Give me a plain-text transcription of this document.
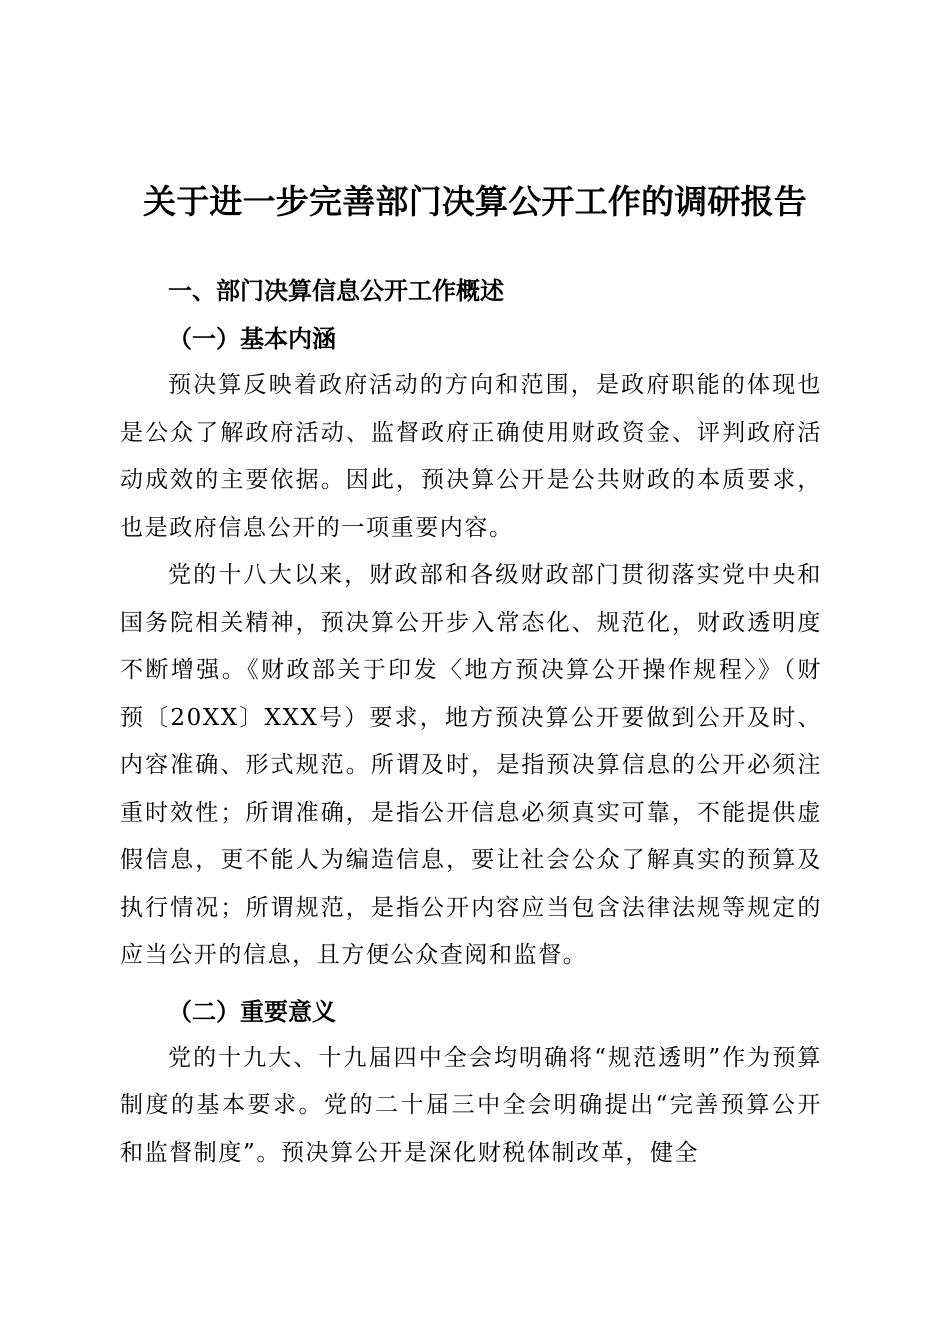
关于进一步完善部门决算公开工作的调研报告
一、部门决算信息公开工作概述
（一）基本内涵

预决算反映着政府活动的方向和范围，是政府职能的体现也是公众了解政府活动、监督政府正确使用财政资金、评判政府活动成效的主要依据。因此，预决算公开是公共财政的本质要求，也是政府信息公开的一项重要内容。

党的十八大以来，财政部和各级财政部门贯彻落实党中央和国务院相关精神，预决算公开步入常态化、规范化，财政透明度不断增强。《财政部关于印发〈地方预决算公开操作规程〉》（财预〔20XX〕XXX号）要求，地方预决算公开要做到公开及时、内容准确、形式规范。所谓及时，是指预决算信息的公开必须注重时效性；所谓准确，是指公开信息必须真实可靠，不能提供虚假信息，更不能人为编造信息，要让社会公众了解真实的预算及执行情况；所谓规范，是指公开内容应当包含法律法规等规定的应当公开的信息，且方便公众查阅和监督。

（二）重要意义

党的十九大、十九届四中全会均明确将“规范透明”作为预算制度的基本要求。党的二十届三中全会明确提出“完善预算公开和监督制度”。预决算公开是深化财税体制改革，健全
